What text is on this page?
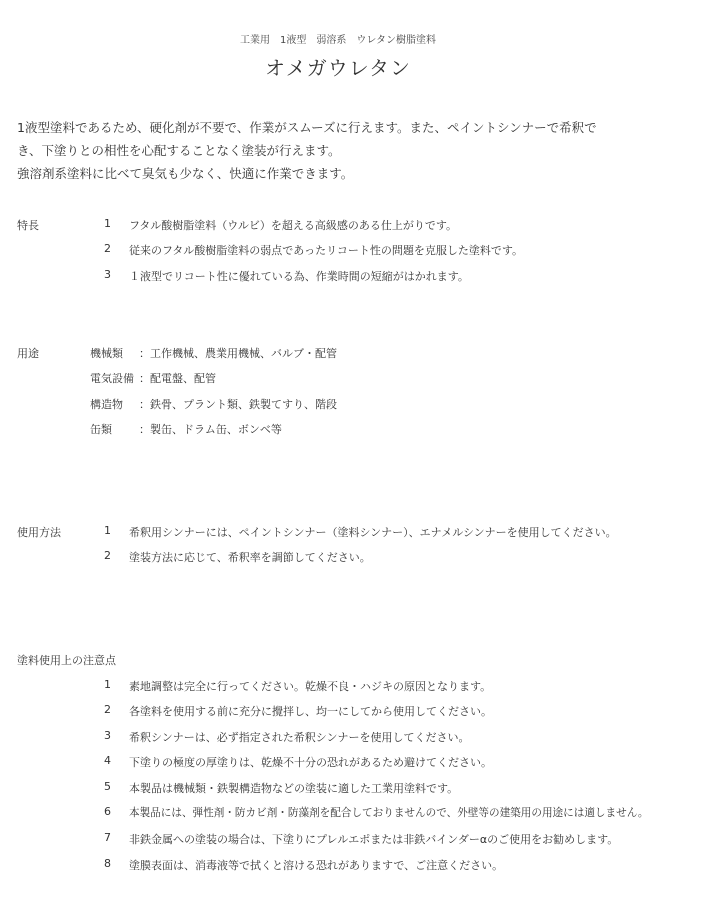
工業用　1液型　弱溶系　ウレタン樹脂塗料
オメガウレタン
1液型塗料であるため、硬化剤が不要で、作業がスムーズに行えます。また、ペイントシンナーで希釈で
き、下塗りとの相性を心配することなく塗装が行えます。
強溶剤系塗料に比べて臭気も少なく、快適に作業できます。
特長	1 フタル酸樹脂塗料（ウルビ）を超える高級感のある仕上がりです。
2 従来のフタル酸樹脂塗料の弱点であったリコート性の問題を克服した塗料です。
3 １液型でリコート性に優れている為、作業時間の短縮がはかれます。
用途	機械類 ：工作機械、農業用機械、バルブ・配管
電気設備 ：配電盤、配管
構造物 ：鉄骨、プラント類、鉄製てすり、階段
缶類 ：製缶、ドラム缶、ボンベ等
使用方法	1 希釈用シンナーには、ペイントシンナー（塗料シンナー）、エナメルシンナーを使用してください。
2 塗装方法に応じて、希釈率を調節してください。
塗料使用上の注意点
1 素地調整は完全に行ってください。乾燥不良・ハジキの原因となります。
2 各塗料を使用する前に充分に攪拌し、均一にしてから使用してください。
3 希釈シンナーは、必ず指定された希釈シンナーを使用してください。
4 下塗りの極度の厚塗りは、乾燥不十分の恐れがあるため避けてください。
5 本製品は機械類・鉄製構造物などの塗装に適した工業用塗料です。
6 本製品には、弾性剤・防カビ剤・防藻剤を配合しておりませんので、外壁等の建築用の用途には適しません。
7 非鉄金属への塗装の場合は、下塗りにプレルエポまたは非鉄バインダーαのご使用をお勧めします。
8 塗膜表面は、消毒液等で拭くと溶ける恐れがありますで、ご注意ください。
